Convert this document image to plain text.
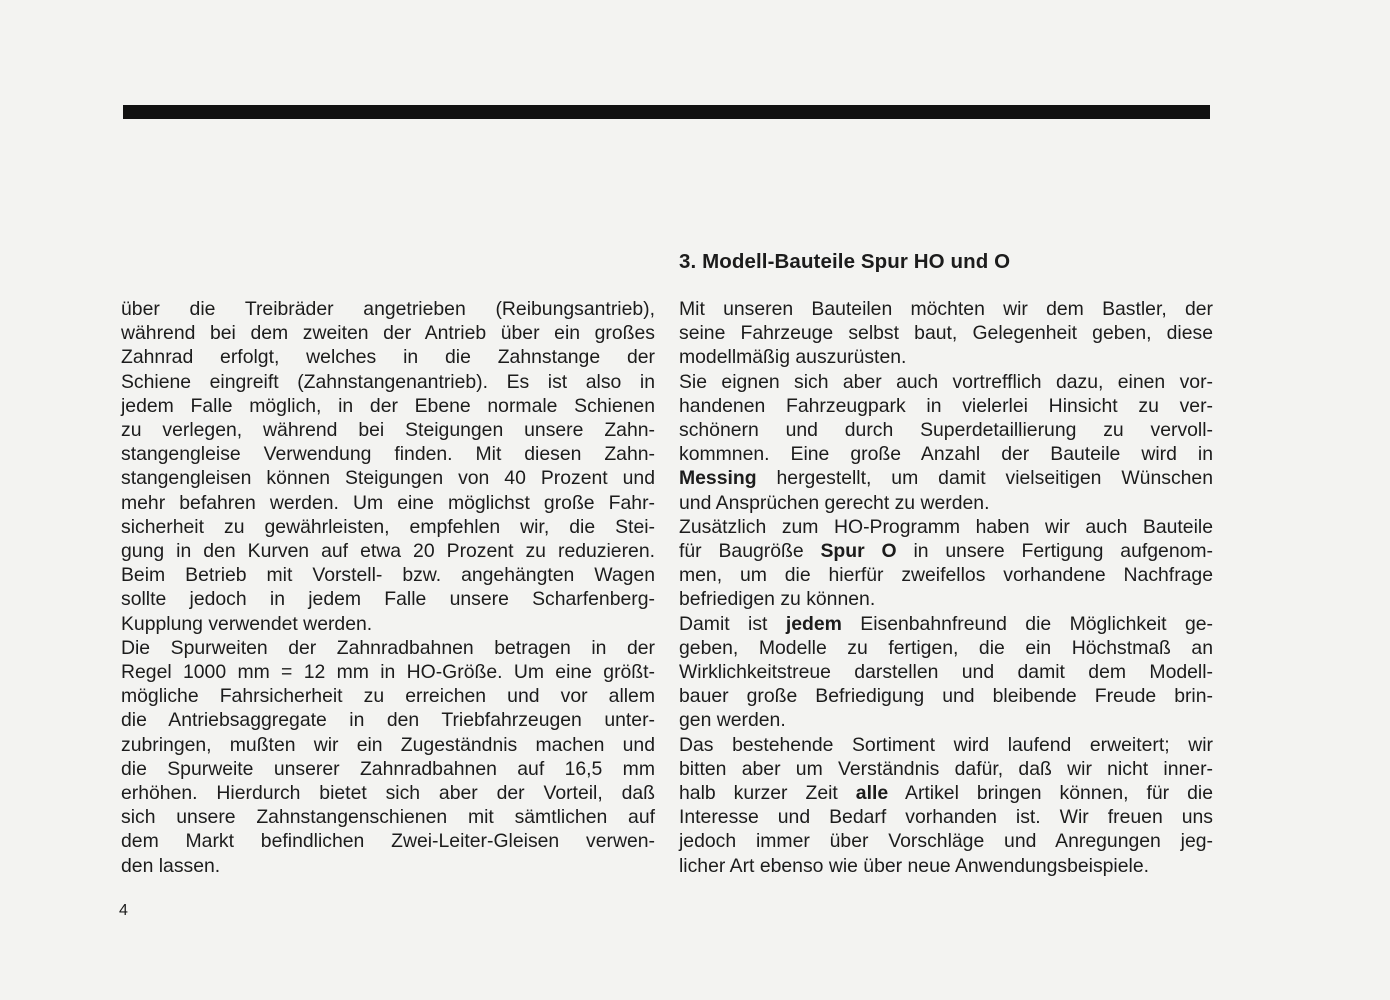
3. Modell-Bauteile Spur HO und O
über die Treibräder angetrieben (Reibungsantrieb),
während bei dem zweiten der Antrieb über ein großes
Zahnrad erfolgt, welches in die Zahnstange der
Schiene eingreift (Zahnstangenantrieb). Es ist also in
jedem Falle möglich, in der Ebene normale Schienen
zu verlegen, während bei Steigungen unsere Zahn-
stangengleise Verwendung finden. Mit diesen Zahn-
stangengleisen können Steigungen von 40 Prozent und
mehr befahren werden. Um eine möglichst große Fahr-
sicherheit zu gewährleisten, empfehlen wir, die Stei-
gung in den Kurven auf etwa 20 Prozent zu reduzieren.
Beim Betrieb mit Vorstell- bzw. angehängten Wagen
sollte jedoch in jedem Falle unsere Scharfenberg-
Kupplung verwendet werden.
Die Spurweiten der Zahnradbahnen betragen in der
Regel 1000 mm = 12 mm in HO-Größe. Um eine größt-
mögliche Fahrsicherheit zu erreichen und vor allem
die Antriebsaggregate in den Triebfahrzeugen unter-
zubringen, mußten wir ein Zugeständnis machen und
die Spurweite unserer Zahnradbahnen auf 16,5 mm
erhöhen. Hierdurch bietet sich aber der Vorteil, daß
sich unsere Zahnstangenschienen mit sämtlichen auf
dem Markt befindlichen Zwei-Leiter-Gleisen verwen-
den lassen.
Mit unseren Bauteilen möchten wir dem Bastler, der
seine Fahrzeuge selbst baut, Gelegenheit geben, diese
modellmäßig auszurüsten.
Sie eignen sich aber auch vortrefflich dazu, einen vor-
handenen Fahrzeugpark in vielerlei Hinsicht zu ver-
schönern und durch Superdetaillierung zu vervoll-
kommnen. Eine große Anzahl der Bauteile wird in
Messing hergestellt, um damit vielseitigen Wünschen
und Ansprüchen gerecht zu werden.
Zusätzlich zum HO-Programm haben wir auch Bauteile
für Baugröße Spur O in unsere Fertigung aufgenom-
men, um die hierfür zweifellos vorhandene Nachfrage
befriedigen zu können.
Damit ist jedem Eisenbahnfreund die Möglichkeit ge-
geben, Modelle zu fertigen, die ein Höchstmaß an
Wirklichkeitstreue darstellen und damit dem Modell-
bauer große Befriedigung und bleibende Freude brin-
gen werden.
Das bestehende Sortiment wird laufend erweitert; wir
bitten aber um Verständnis dafür, daß wir nicht inner-
halb kurzer Zeit alle Artikel bringen können, für die
Interesse und Bedarf vorhanden ist. Wir freuen uns
jedoch immer über Vorschläge und Anregungen jeg-
licher Art ebenso wie über neue Anwendungsbeispiele.
4
